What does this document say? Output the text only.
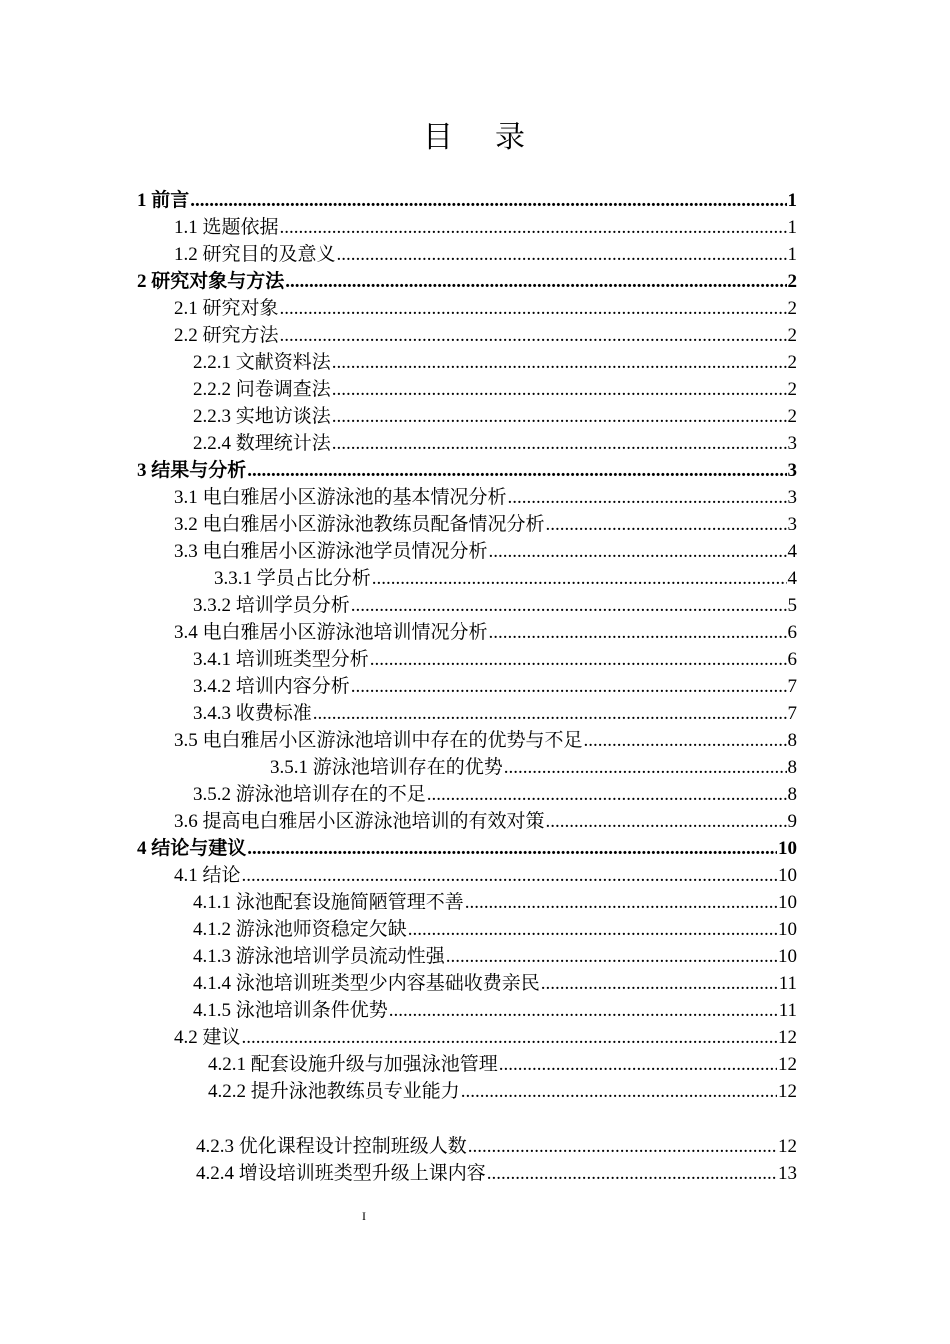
目 录
1 前言 .....	1
1.1 选题依据 .....	1
1.2 研究目的及意义 .....	1
2 研究对象与方法 .....	2
2.1 研究对象 .....	2
2.2 研究方法 .....	2
2.2.1 文献资料法 .....	2
2.2.2 问卷调查法 .....	2
2.2.3 实地访谈法 .....	2
2.2.4 数理统计法 .....	3
3 结果与分析 .....	3
3.1 电白雅居小区游泳池的基本情况分析 .....	3
3.2 电白雅居小区游泳池教练员配备情况分析 .....	3
3.3 电白雅居小区游泳池学员情况分析 .....	4
3.3.1 学员占比分析 .....	4
3.3.2 培训学员分析 .....	5
3.4 电白雅居小区游泳池培训情况分析 .....	6
3.4.1 培训班类型分析 .....	6
3.4.2 培训内容分析 .....	7
3.4.3 收费标准 .....	7
3.5 电白雅居小区游泳池培训中存在的优势与不足 .....	8
3.5.1 游泳池培训存在的优势 .....	8
3.5.2 游泳池培训存在的不足 .....	8
3.6 提高电白雅居小区游泳池培训的有效对策 .....	9
4 结论与建议 .....	10
4.1 结论 .....	10
4.1.1 泳池配套设施简陋管理不善 .....	10
4.1.2 游泳池师资稳定欠缺 .....	10
4.1.3 游泳池培训学员流动性强 .....	10
4.1.4 泳池培训班类型少内容基础收费亲民 .....	11
4.1.5 泳池培训条件优势 .....	11
4.2 建议 .....	12
4.2.1 配套设施升级与加强泳池管理 .....	12
4.2.2 提升泳池教练员专业能力 .....	12
4.2.3 优化课程设计控制班级人数 .....	12
4.2.4 增设培训班类型升级上课内容 .....	13
I
